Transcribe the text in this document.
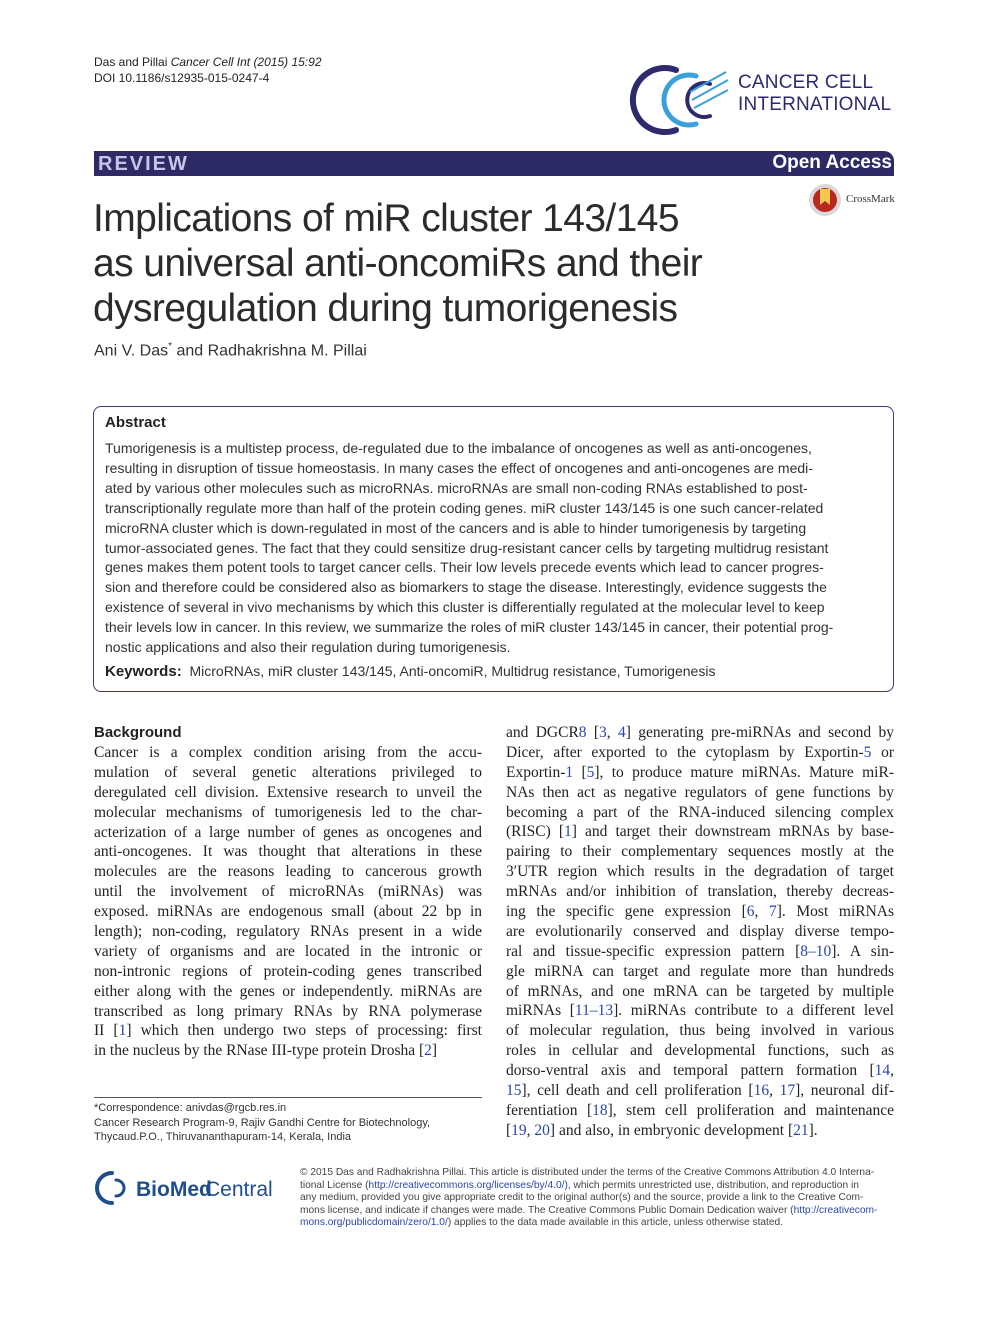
Das and Pillai Cancer Cell Int (2015) 15:92
DOI 10.1186/s12935-015-0247-4	CANCER CELL
INTERNATIONAL
REVIEW	Open Access
CrossMark
Implications of miR cluster 143/145
as universal anti-oncomiRs and their
dysregulation during tumorigenesis
Ani V. Das* and Radhakrishna M. Pillai
Abstract

Tumorigenesis is a multistep process, de-regulated due to the imbalance of oncogenes as well as anti-oncogenes,

resulting in disruption of tissue homeostasis. In many cases the effect of oncogenes and anti-oncogenes are medi-

ated by various other molecules such as microRNAs. microRNAs are small non-coding RNAs established to post-

transcriptionally regulate more than half of the protein coding genes. miR cluster 143/145 is one such cancer-related

microRNA cluster which is down-regulated in most of the cancers and is able to hinder tumorigenesis by targeting

tumor-associated genes. The fact that they could sensitize drug-resistant cancer cells by targeting multidrug resistant

genes makes them potent tools to target cancer cells. Their low levels precede events which lead to cancer progres-

sion and therefore could be considered also as biomarkers to stage the disease. Interestingly, evidence suggests the

existence of several in vivo mechanisms by which this cluster is differentially regulated at the molecular level to keep

their levels low in cancer. In this review, we summarize the roles of miR cluster 143/145 in cancer, their potential prog-

nostic applications and also their regulation during tumorigenesis.

Keywords: MicroRNAs, miR cluster 143/145, Anti-oncomiR, Multidrug resistance, Tumorigenesis
Background
Cancer is a complex condition arising from the accu-
mulation of several genetic alterations privileged to
deregulated cell division. Extensive research to unveil the
molecular mechanisms of tumorigenesis led to the char-
acterization of a large number of genes as oncogenes and
anti-oncogenes. It was thought that alterations in these
molecules are the reasons leading to cancerous growth
until the involvement of microRNAs (miRNAs) was
exposed. miRNAs are endogenous small (about 22 bp in
length); non-coding, regulatory RNAs present in a wide
variety of organisms and are located in the intronic or
non-intronic regions of protein-coding genes transcribed
either along with the genes or independently. miRNAs are
transcribed as long primary RNAs by RNA polymerase
II [1] which then undergo two steps of processing: first
in the nucleus by the RNase III-type protein Drosha [2]
and DGCR8 [3, 4] generating pre-miRNAs and second by
Dicer, after exported to the cytoplasm by Exportin-5 or
Exportin-1 [5], to produce mature miRNAs. Mature miR-
NAs then act as negative regulators of gene functions by
becoming a part of the RNA-induced silencing complex
(RISC) [1] and target their downstream mRNAs by base-
pairing to their complementary sequences mostly at the
3′UTR region which results in the degradation of target
mRNAs and/or inhibition of translation, thereby decreas-
ing the specific gene expression [6, 7]. Most miRNAs
are evolutionarily conserved and display diverse tempo-
ral and tissue-specific expression pattern [8–10]. A sin-
gle miRNA can target and regulate more than hundreds
of mRNAs, and one mRNA can be targeted by multiple
miRNAs [11–13]. miRNAs contribute to a different level
of molecular regulation, thus being involved in various
roles in cellular and developmental functions, such as
dorso-ventral axis and temporal pattern formation [14,
15], cell death and cell proliferation [16, 17], neuronal dif-
ferentiation [18], stem cell proliferation and maintenance
[19, 20] and also, in embryonic development [21].
*Correspondence: anivdas@rgcb.res.in
Cancer Research Program-9, Rajiv Gandhi Centre for Biotechnology,
Thycaud.P.O., Thiruvananthapuram-14, Kerala, India
BioMed
Central

© 2015 Das and Radhakrishna Pillai. This article is distributed under the terms of the Creative Commons Attribution 4.0 Interna-

tional License (http://creativecommons.org/licenses/by/4.0/), which permits unrestricted use, distribution, and reproduction in

any medium, provided you give appropriate credit to the original author(s) and the source, provide a link to the Creative Com-

mons license, and indicate if changes were made. The Creative Commons Public Domain Dedication waiver (http://creativecom-

mons.org/publicdomain/zero/1.0/) applies to the data made available in this article, unless otherwise stated.
